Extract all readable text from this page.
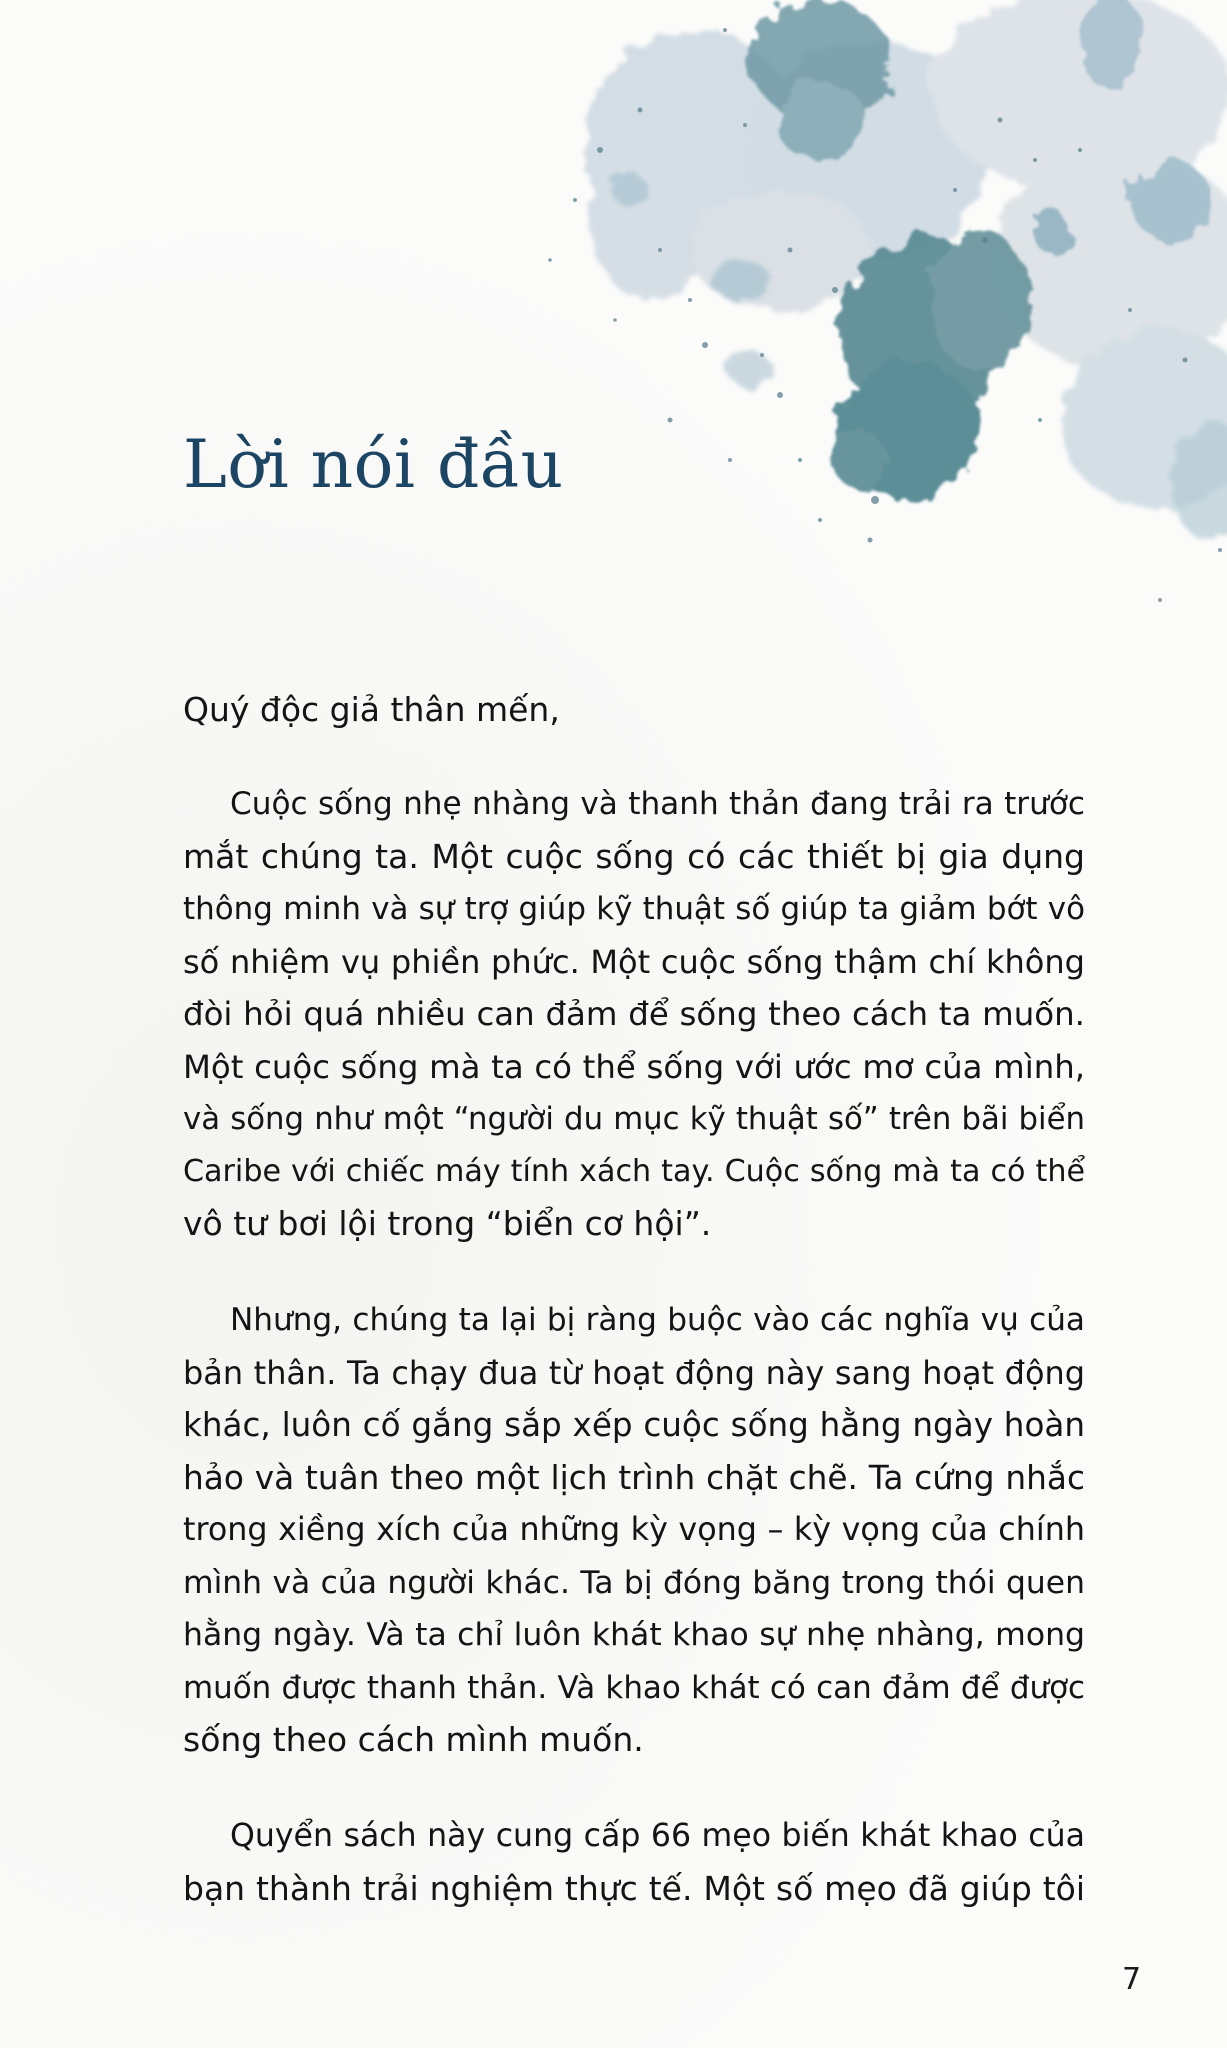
Lời nói đầu
Quý độc giả thân mến,
Cuộc sống nhẹ nhàng và thanh thản đang trải ra trước
mắt chúng ta. Một cuộc sống có các thiết bị gia dụng
thông minh và sự trợ giúp kỹ thuật số giúp ta giảm bớt vô
số nhiệm vụ phiền phức. Một cuộc sống thậm chí không
đòi hỏi quá nhiều can đảm để sống theo cách ta muốn.
Một cuộc sống mà ta có thể sống với ước mơ của mình,
và sống như một “người du mục kỹ thuật số” trên bãi biển
Caribe với chiếc máy tính xách tay. Cuộc sống mà ta có thể
vô tư bơi lội trong “biển cơ hội”.
Nhưng, chúng ta lại bị ràng buộc vào các nghĩa vụ của
bản thân. Ta chạy đua từ hoạt động này sang hoạt động
khác, luôn cố gắng sắp xếp cuộc sống hằng ngày hoàn
hảo và tuân theo một lịch trình chặt chẽ. Ta cứng nhắc
trong xiềng xích của những kỳ vọng – kỳ vọng của chính
mình và của người khác. Ta bị đóng băng trong thói quen
hằng ngày. Và ta chỉ luôn khát khao sự nhẹ nhàng, mong
muốn được thanh thản. Và khao khát có can đảm để được
sống theo cách mình muốn.
Quyển sách này cung cấp 66 mẹo biến khát khao của
bạn thành trải nghiệm thực tế. Một số mẹo đã giúp tôi
7
